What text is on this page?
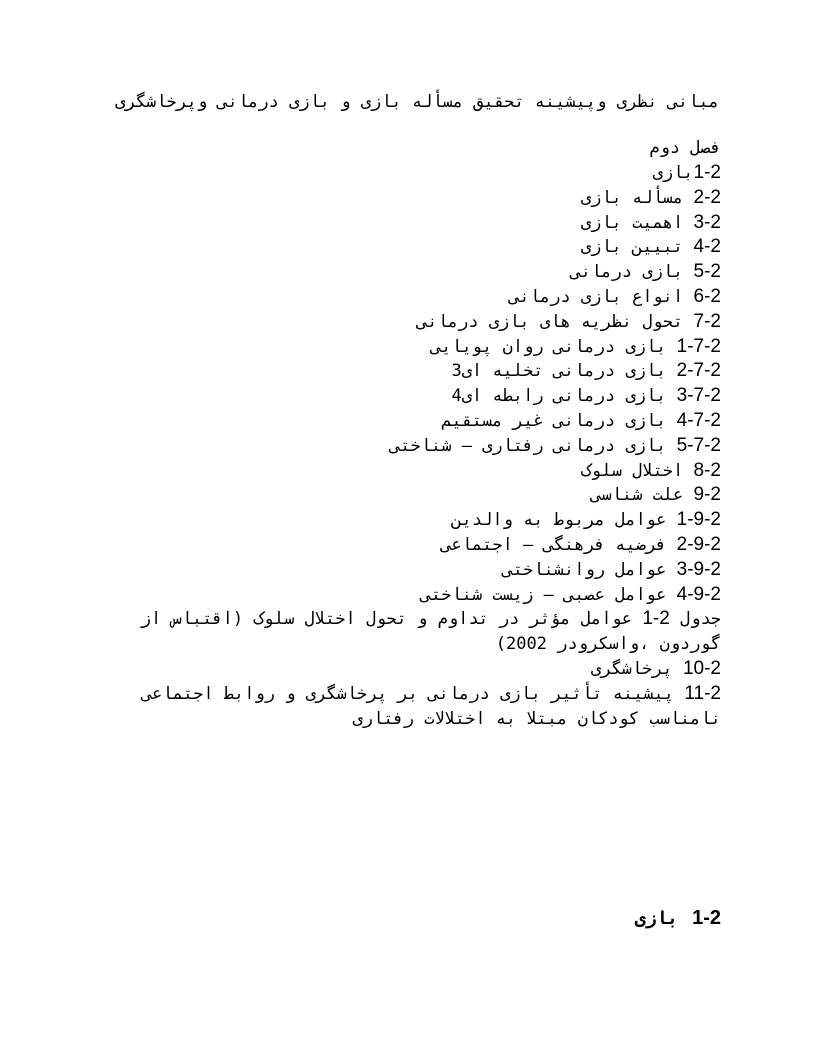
مبانی نظری وپیشینه تحقیق مسأله بازی و بازی درمانی وپرخاشگری

فصل دوم

1-2بازی
2-2 مسأله بازی
3-2 اهمیت بازی
4-2 تبیین بازی
5-2 بازی درمانی
6-2 انواع بازی درمانی
7-2 تحول نظریه های بازی درمانی
1-7-2 بازی درمانی روان پویایی
2-7-2 بازی درمانی تخلیه ای3
3-7-2 بازی درمانی رابطه ای4
4-7-2 بازی درمانی غیر مستقیم
5-7-2 بازی درمانی رفتاری – شناختی
8-2 اختلال سلوک
9-2 علت شناسی
1-9-2 عوامل مربوط به والدین
2-9-2 فرضیه فرهنگی – اجتماعی
3-9-2 عوامل روانشناختی
4-9-2 عوامل عصبی – زیست شناختی
جدول 1-2 عوامل مؤثر در تداوم و تحول اختلال سلوک (اقتباس از گوردون ،واسکرودر 2002)
10-2 پرخاشگری
11-2 پیشینه تأثیر بازی درمانی بر پرخاشگری و روابط اجتماعی نامناسب کودکان مبتلا به اختلالات رفتاری
1-2بازی
